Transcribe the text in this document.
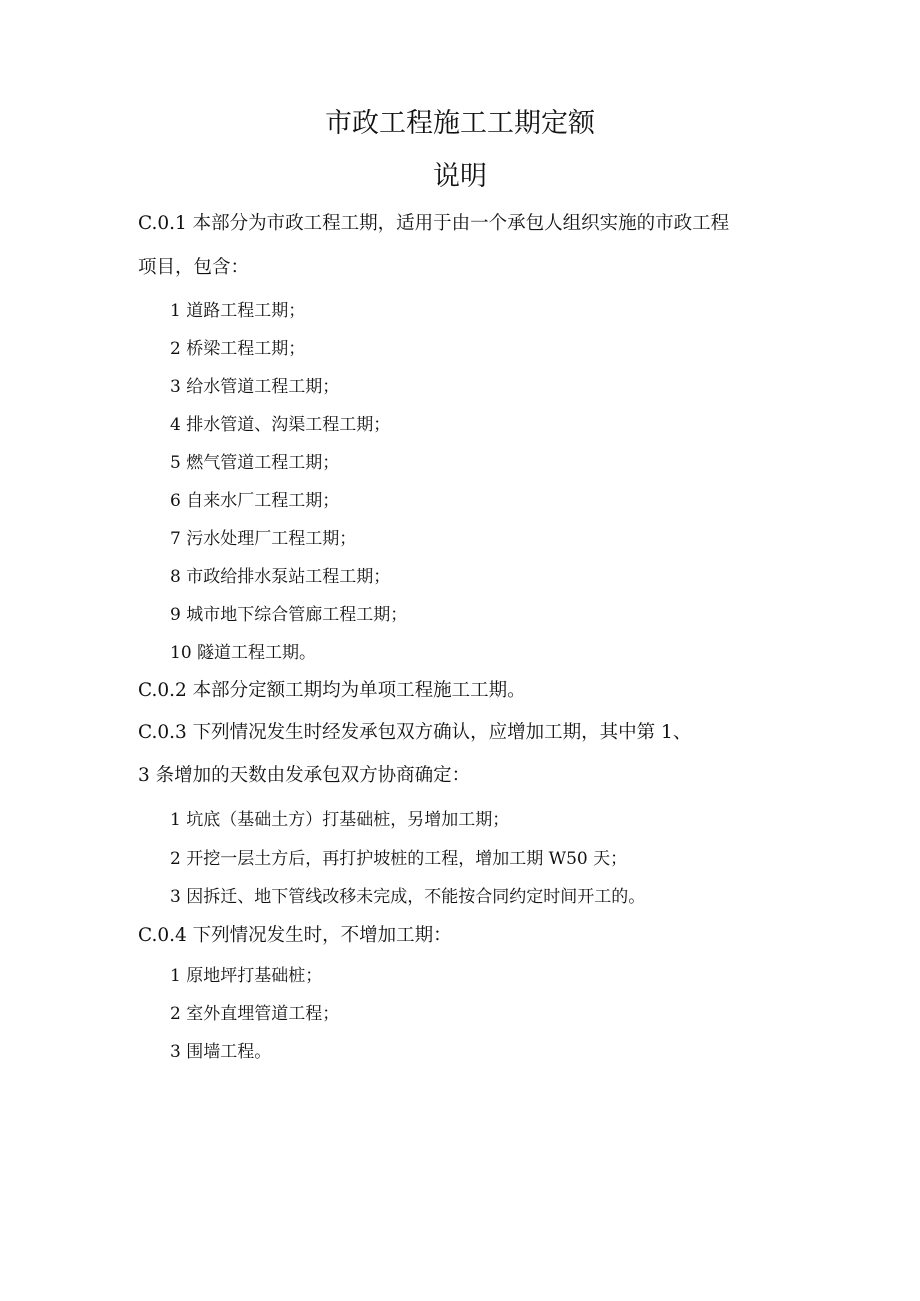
市政工程施工工期定额
说明
C.0.1 本部分为市政工程工期，适用于由一个承包人组织实施的市政工程
项目，包含：
1 道路工程工期；
2 桥梁工程工期；
3 给水管道工程工期；
4 排水管道、沟渠工程工期；
5 燃气管道工程工期；
6 自来水厂工程工期；
7 污水处理厂工程工期；
8 市政给排水泵站工程工期；
9 城市地下综合管廊工程工期；
10 隧道工程工期。
C.0.2 本部分定额工期均为单项工程施工工期。
C.0.3 下列情况发生时经发承包双方确认，应增加工期，其中第 1、
3 条增加的天数由发承包双方协商确定：
1 坑底（基础土方）打基础桩，另增加工期；
2 开挖一层土方后，再打护坡桩的工程，增加工期 W50 天；
3 因拆迁、地下管线改移未完成，不能按合同约定时间开工的。
C.0.4 下列情况发生时，不增加工期：
1 原地坪打基础桩；
2 室外直埋管道工程；
3 围墙工程。
